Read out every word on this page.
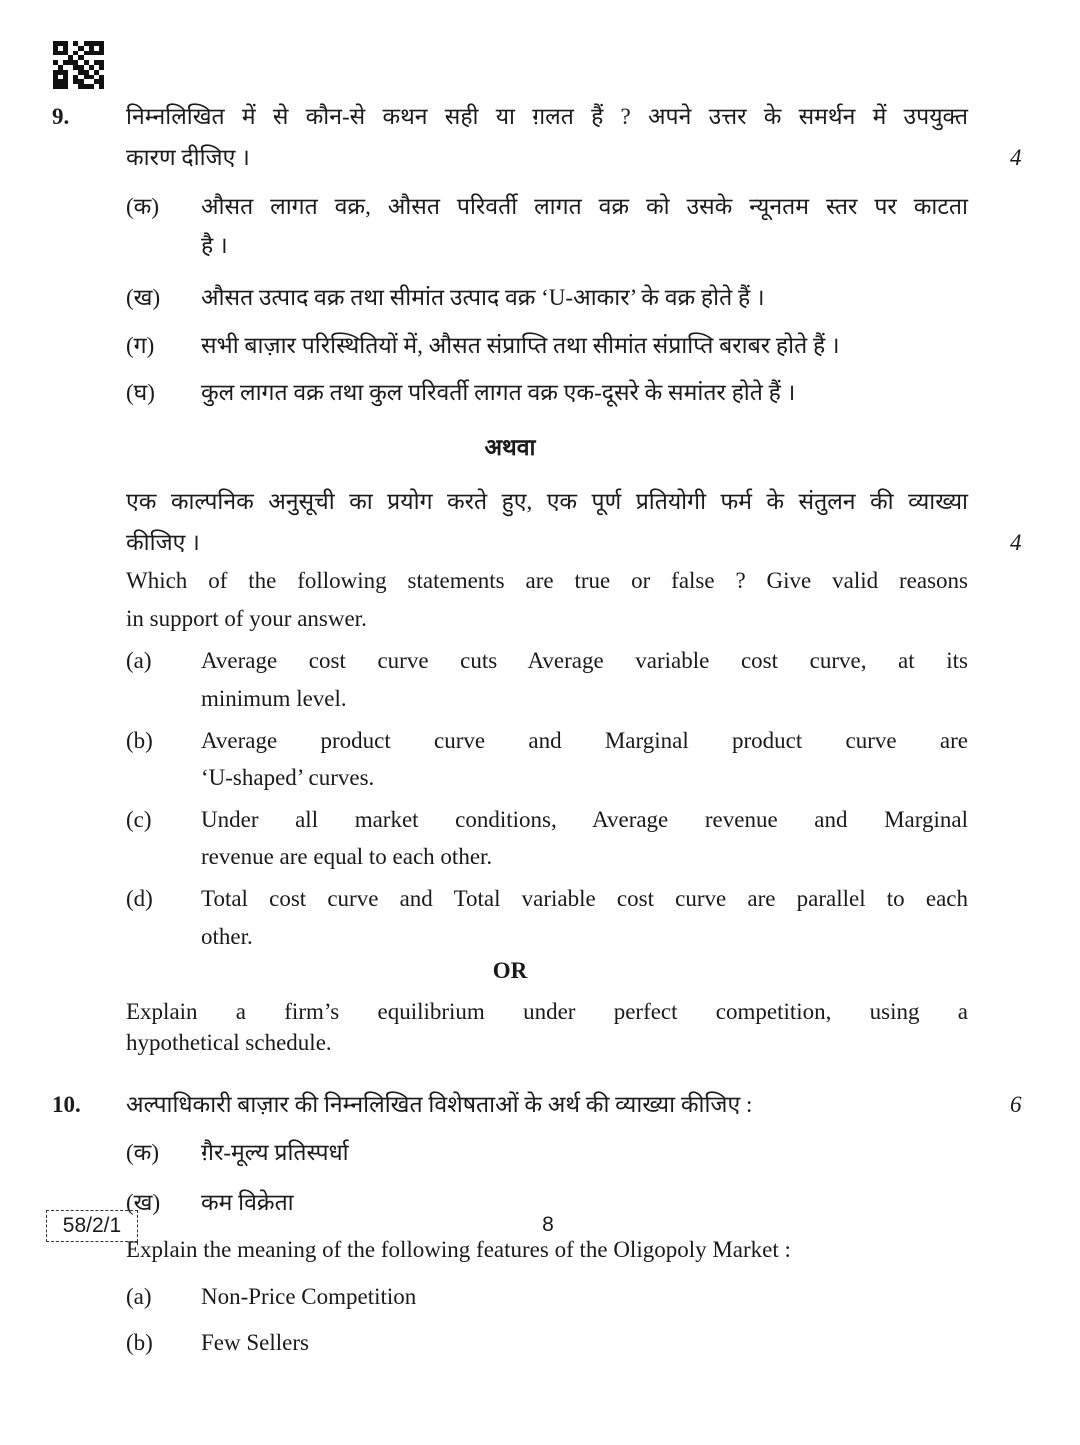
9. निम्नलिखित में से कौन-से कथन सही या ग़लत हैं ? अपने उत्तर के समर्थन में उपयुक्त
कारण दीजिए ।	4
(क) औसत लागत वक्र, औसत परिवर्ती लागत वक्र को उसके न्यूनतम स्तर पर काटता
है ।
(ख) औसत उत्पाद वक्र तथा सीमांत उत्पाद वक्र ‘U-आकार’ के वक्र होते हैं ।
(ग) सभी बाज़ार परिस्थितियों में, औसत संप्राप्ति तथा सीमांत संप्राप्ति बराबर होते हैं ।
(घ) कुल लागत वक्र तथा कुल परिवर्ती लागत वक्र एक-दूसरे के समांतर होते हैं ।
अथवा
एक काल्पनिक अनुसूची का प्रयोग करते हुए, एक पूर्ण प्रतियोगी फर्म के संतुलन की व्याख्या
कीजिए ।	4
Which of the following statements are true or false ? Give valid reasons
in support of your answer.
(a) Average cost curve cuts Average variable cost curve, at its
minimum level.
(b) Average product curve and Marginal product curve are
‘U-shaped’ curves.
(c) Under all market conditions, Average revenue and Marginal
revenue are equal to each other.
(d) Total cost curve and Total variable cost curve are parallel to each
other.
OR
Explain a firm’s equilibrium under perfect competition, using a
hypothetical schedule.
10. अल्पाधिकारी बाज़ार की निम्नलिखित विशेषताओं के अर्थ की व्याख्या कीजिए :	6
(क) ग़ैर-मूल्य प्रतिस्पर्धा
(ख) कम विक्रेता
Explain the meaning of the following features of the Oligopoly Market :
(a) Non-Price Competition
(b) Few Sellers
58/2/1	8
